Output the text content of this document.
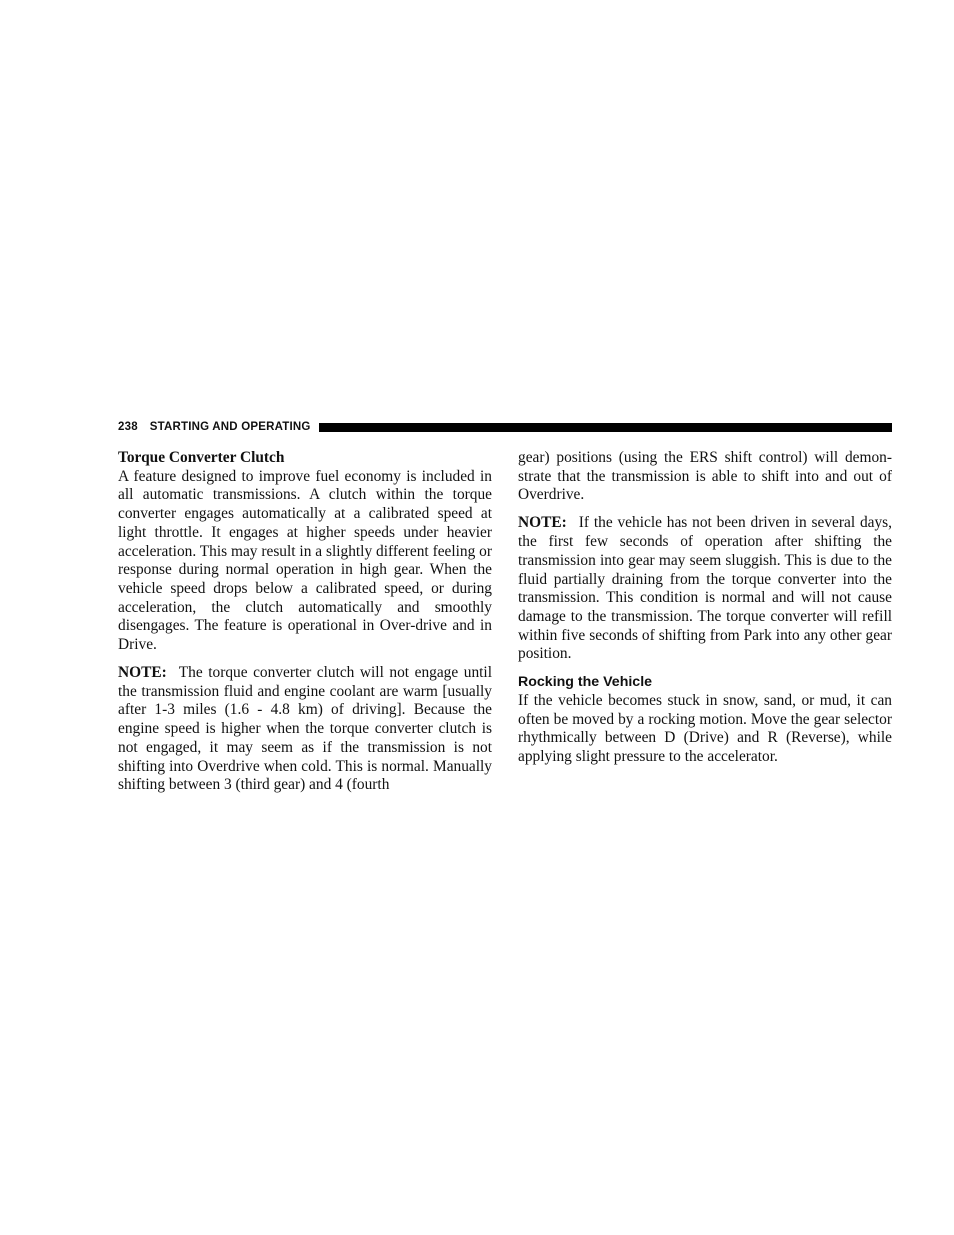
238 STARTING AND OPERATING
Torque Converter Clutch

A feature designed to improve fuel economy is included in all automatic transmissions. A clutch within the torque converter engages automatically at a calibrated speed at light throttle. It engages at higher speeds under heavier acceleration. This may result in a slightly different feeling or response during normal operation in high gear. When the vehicle speed drops below a calibrated speed, or during acceleration, the clutch automatically and smoothly disengages. The feature is operational in Over-drive and in Drive.

NOTE: The torque converter clutch will not engage until the transmission fluid and engine coolant are warm [usually after 1-3 miles (1.6 - 4.8 km) of driving]. Because the engine speed is higher when the torque converter clutch is not engaged, it may seem as if the transmission is not shifting into Overdrive when cold. This is normal. Manually shifting between 3 (third gear) and 4 (fourth

gear) positions (using the ERS shift control) will demon-strate that the transmission is able to shift into and out of Overdrive.

NOTE: If the vehicle has not been driven in several days, the first few seconds of operation after shifting the transmission into gear may seem sluggish. This is due to the fluid partially draining from the torque converter into the transmission. This condition is normal and will not cause damage to the transmission. The torque converter will refill within five seconds of shifting from Park into any other gear position.

Rocking the Vehicle

If the vehicle becomes stuck in snow, sand, or mud, it can often be moved by a rocking motion. Move the gear selector rhythmically between D (Drive) and R (Reverse), while applying slight pressure to the accelerator.
